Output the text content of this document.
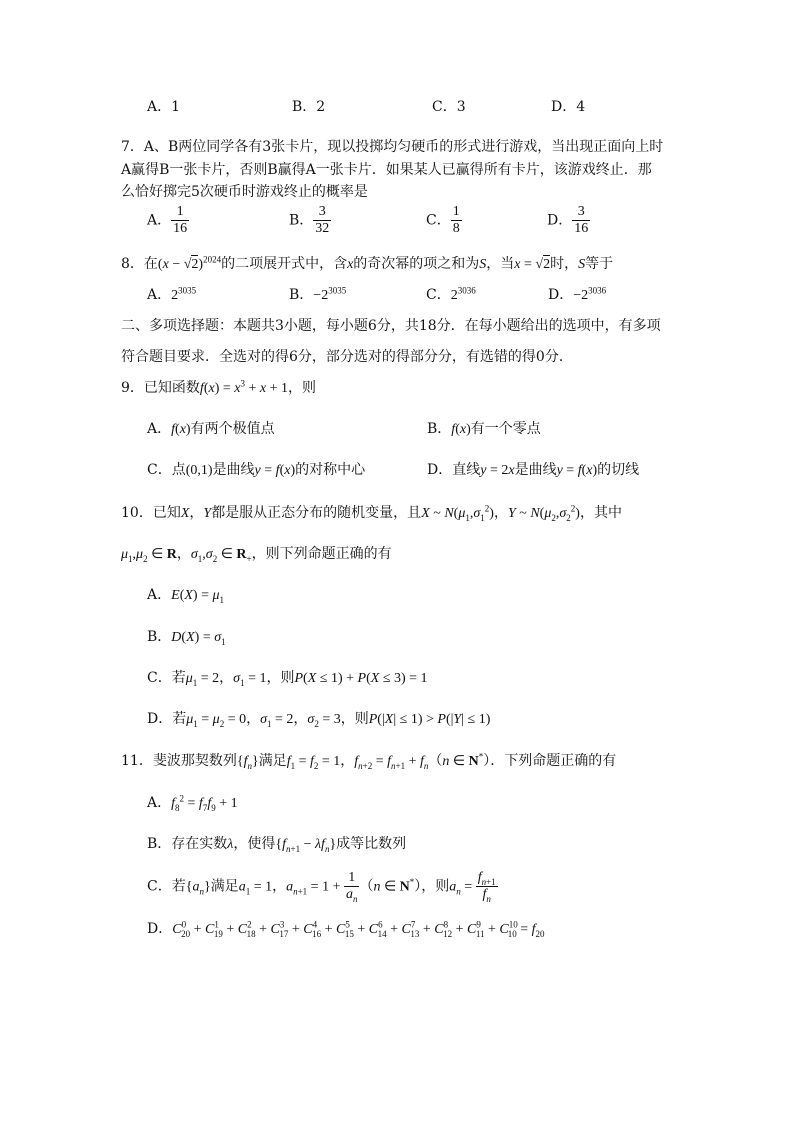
A．1	B．2	C．3	D．4
7．A、B两位同学各有3张卡片，现以投掷均匀硬币的形式进行游戏，当出现正面向上时
A赢得B一张卡片，否则B赢得A一张卡片．如果某人已赢得所有卡片，该游戏终止．那
么恰好掷完5次硬币时游戏终止的概率是
A． $\frac{1}{16}$	B． $\frac{3}{32}$	C． $\frac{1}{8}$	D． $\frac{3}{16}$
8．在$(x - √2)^{2024}$的二项展开式中，含x的奇次幂的项之和为S，当x = √2时，S等于
A．$2^{3035}$	B．$-2^{3035}$	C．$2^{3036}$	D．$-2^{3036}$
二、多项选择题：本题共3小题，每小题6分，共18分．在每小题给出的选项中，有多项
符合题目要求．全选对的得6分，部分选对的得部分分，有选错的得0分．
9．已知函数$f(x) = x^3 + x + 1$，则
A．f(x)有两个极值点	B．f(x)有一个零点
C．点(0,1)是曲线y = f(x)的对称中心	D．直线y = 2x是曲线y = f(x)的切线
10．已知X，Y都是服从正态分布的随机变量，且X ~ $N(\mu_1,\sigma_1^2)$，Y ~ $N(\mu_2,\sigma_2^2)$，其中
$\mu_1,\mu_2$ ∈ R，$\sigma_1,\sigma_2$ ∈ $R_+$，则下列命题正确的有
A．$E(X) = \mu_1$
B．$D(X) = \sigma_1$
C．若$\mu_1 = 2$，$\sigma_1 = 1$，则P(X ≤ 1) + P(X ≤ 3) = 1
D．若$\mu_1 = \mu_2 = 0$，$\sigma_1 = 2$，$\sigma_2 = 3$，则P(|X| ≤ 1) > P(|Y| ≤ 1)
11．斐波那契数列$\{f_n\}$满足$f_1 = f_2 = 1$，$f_{n+2} = f_{n+1} + f_n(n$ ∈ N*）．下列命题正确的有
A．$f_8^2 = f_7f_9 + 1$
B．存在实数λ，使得$\{f_{n+1} - \lambda f_n\}$成等比数列
C．若$\{a_n\}$满足$a_1 = 1$，$a_{n+1} = 1 + \frac{1}{a_n} (n$ ∈ N*），则$a_n = \frac{f_{n+1}}{f_n}$
D．$C^0_{20} + C^1_{19} + C^2_{18} + C^3_{17} + C^4_{16} + C^5_{15} + C^6_{14} + C^7_{13} + C^8_{12} + C^9_{11} + C^{10}_{10} = f_{20}$
